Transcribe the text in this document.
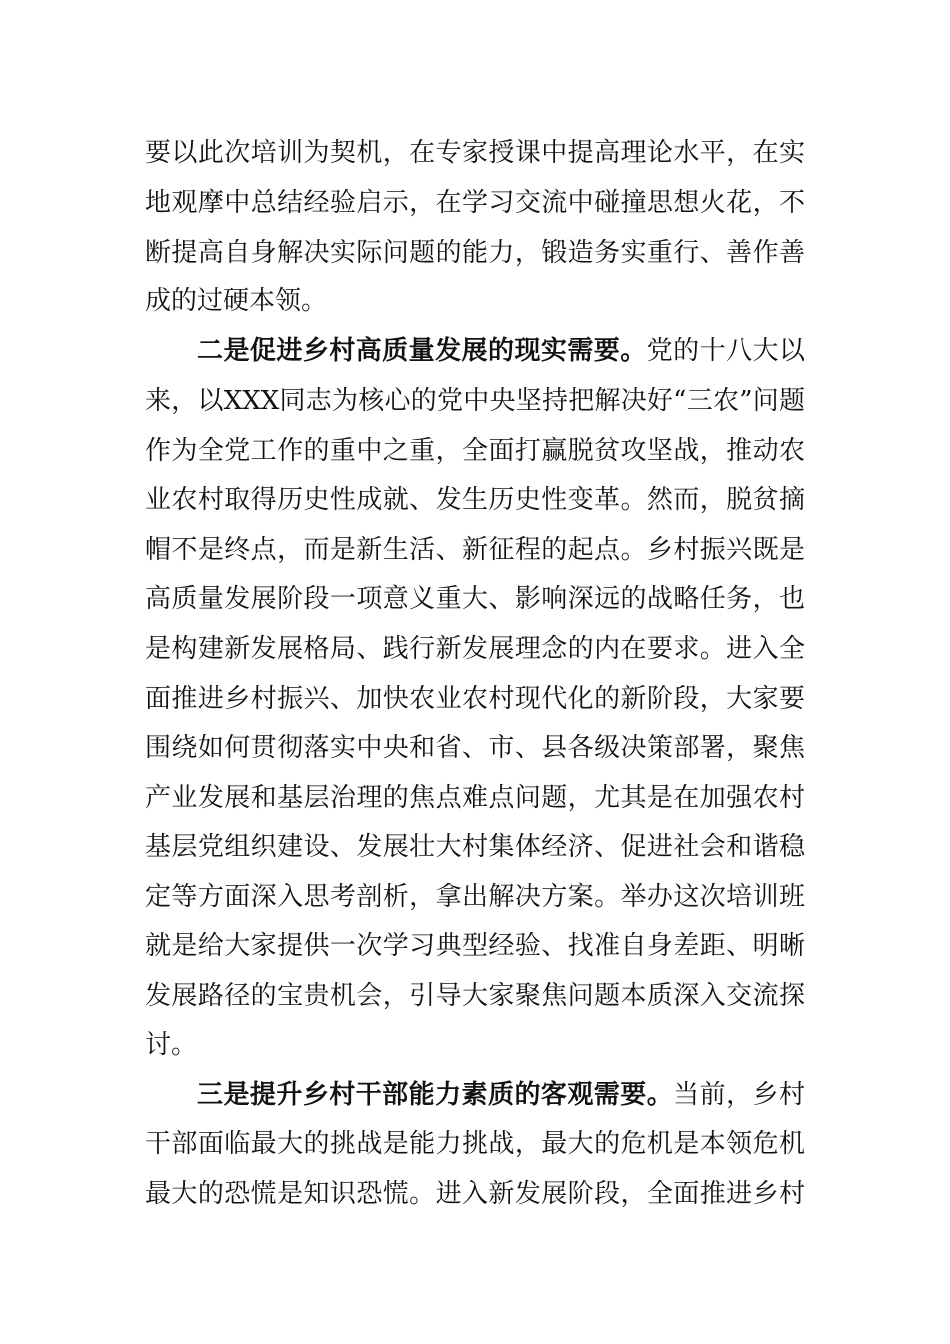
要以此次培训为契机，在专家授课中提高理论水平，在实
地观摩中总结经验启示，在学习交流中碰撞思想火花，不
断提高自身解决实际问题的能力，锻造务实重行、善作善
成的过硬本领。
二是促进乡村高质量发展的现实需要。党的十八大以
来，以XXX同志为核心的党中央坚持把解决好“三农”问题
作为全党工作的重中之重，全面打赢脱贫攻坚战，推动农
业农村取得历史性成就、发生历史性变革。然而，脱贫摘
帽不是终点，而是新生活、新征程的起点。乡村振兴既是
高质量发展阶段一项意义重大、影响深远的战略任务，也
是构建新发展格局、践行新发展理念的内在要求。进入全
面推进乡村振兴、加快农业农村现代化的新阶段，大家要
围绕如何贯彻落实中央和省、市、县各级决策部署，聚焦
产业发展和基层治理的焦点难点问题，尤其是在加强农村
基层党组织建设、发展壮大村集体经济、促进社会和谐稳
定等方面深入思考剖析，拿出解决方案。举办这次培训班
就是给大家提供一次学习典型经验、找准自身差距、明晰
发展路径的宝贵机会，引导大家聚焦问题本质深入交流探
讨。
三是提升乡村干部能力素质的客观需要。当前，乡村
干部面临最大的挑战是能力挑战，最大的危机是本领危机
最大的恐慌是知识恐慌。进入新发展阶段，全面推进乡村
